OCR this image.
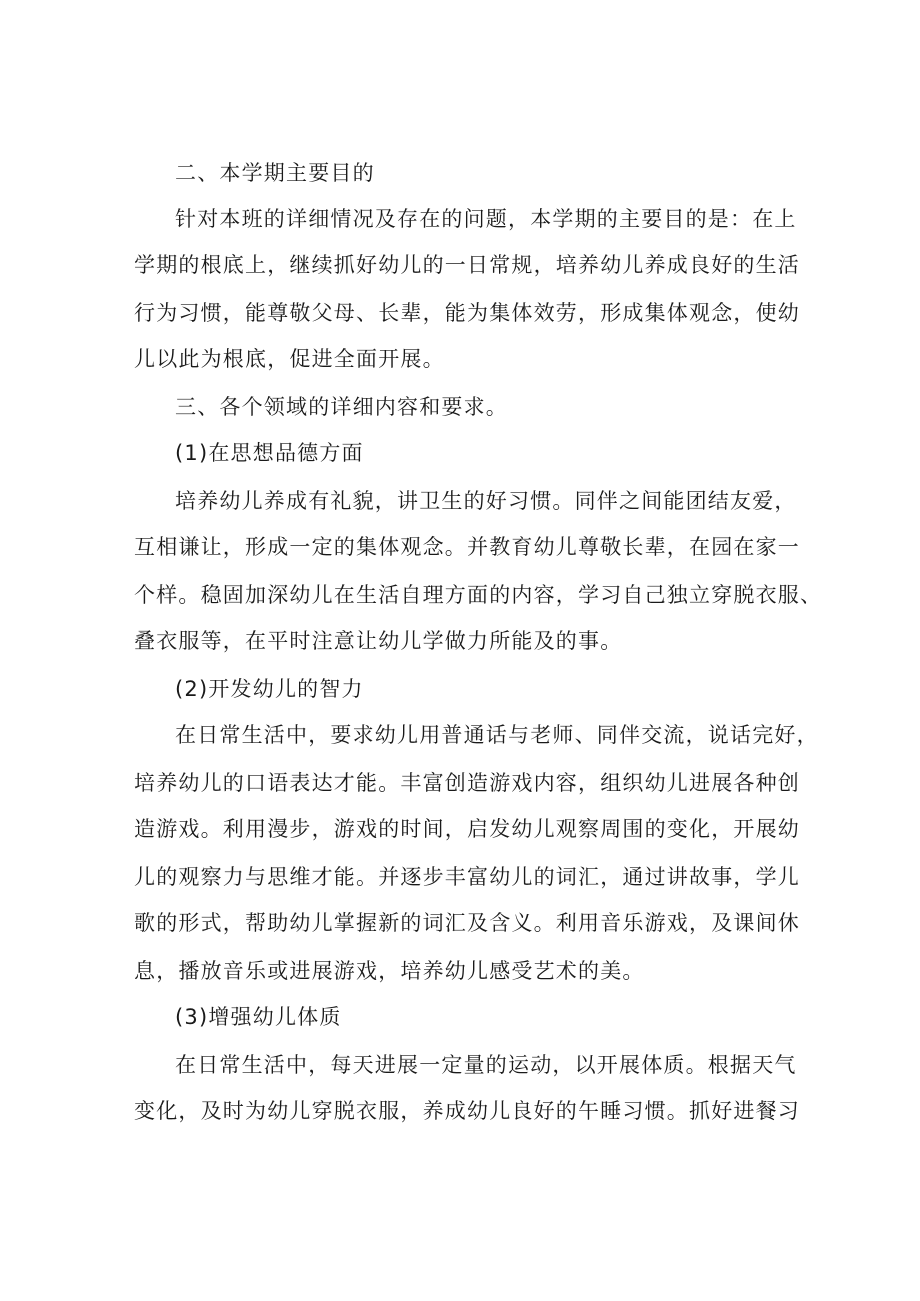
二、本学期主要目的
针对本班的详细情况及存在的问题，本学期的主要目的是：在上
学期的根底上，继续抓好幼儿的一日常规，培养幼儿养成良好的生活
行为习惯，能尊敬父母、长辈，能为集体效劳，形成集体观念，使幼
儿以此为根底，促进全面开展。
三、各个领域的详细内容和要求。
(1)在思想品德方面
培养幼儿养成有礼貌，讲卫生的好习惯。同伴之间能团结友爱，
互相谦让，形成一定的集体观念。并教育幼儿尊敬长辈，在园在家一
个样。稳固加深幼儿在生活自理方面的内容，学习自己独立穿脱衣服、
叠衣服等，在平时注意让幼儿学做力所能及的事。
(2)开发幼儿的智力
在日常生活中，要求幼儿用普通话与老师、同伴交流，说话完好，
培养幼儿的口语表达才能。丰富创造游戏内容，组织幼儿进展各种创
造游戏。利用漫步，游戏的时间，启发幼儿观察周围的变化，开展幼
儿的观察力与思维才能。并逐步丰富幼儿的词汇，通过讲故事，学儿
歌的形式，帮助幼儿掌握新的词汇及含义。利用音乐游戏，及课间休
息，播放音乐或进展游戏，培养幼儿感受艺术的美。
(3)增强幼儿体质
在日常生活中，每天进展一定量的运动，以开展体质。根据天气
变化，及时为幼儿穿脱衣服，养成幼儿良好的午睡习惯。抓好进餐习
